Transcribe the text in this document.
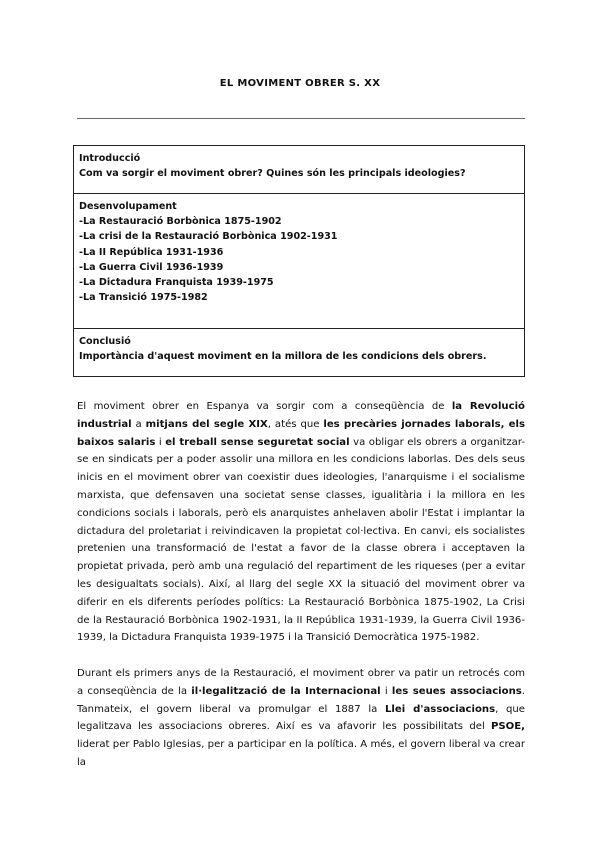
EL MOVIMENT OBRER S. XX
Introducció
Com va sorgir el moviment obrer? Quines són les principals ideologies?
Desenvolupament
-La Restauració Borbònica 1875-1902
-La crisi de la Restauració Borbònica 1902-1931
-La II República 1931-1936
-La Guerra Civil 1936-1939
-La Dictadura Franquista 1939-1975
-La Transició 1975-1982
Conclusió
Importància d'aquest moviment en la millora de les condicions dels obrers.

El moviment obrer en Espanya va sorgir com a conseqüència de la Revolució industrial a mitjans del segle XIX, atés que les precàries jornades laborals, els baixos salaris i el treball sense seguretat social va obligar els obrers a organitzar-se en sindicats per a poder assolir una millora en les condicions laborlas. Des dels seus inicis en el moviment obrer van coexistir dues ideologies, l'anarquisme i el socialisme marxista, que defensaven una societat sense classes, igualitària i la millora en les condicions socials i laborals, però els anarquistes anhelaven abolir l'Estat i implantar la dictadura del proletariat i reivindicaven la propietat col·lectiva. En canvi, els socialistes pretenien una transformació de l'estat a favor de la classe obrera i acceptaven la propietat privada, però amb una regulació del repartiment de les riqueses (per a evitar les desigualtats socials). Així, al llarg del segle XX la situació del moviment obrer va diferir en els diferents períodes polítics: La Restauració Borbònica 1875-1902, La Crisi de la Restauració Borbònica 1902-1931, la II República 1931-1939, la Guerra Civil 1936-1939, la Dictadura Franquista 1939-1975 i la Transició Democràtica 1975-1982.

Durant els primers anys de la Restauració, el moviment obrer va patir un retrocés com a conseqüència de la il·legalització de la Internacional i les seues associacions. Tanmateix, el govern liberal va promulgar el 1887 la Llei d'associacions, que legalitzava les associacions obreres. Així es va afavorir les possibilitats del PSOE, liderat per Pablo Iglesias, per a participar en la política. A més, el govern liberal va crear la
